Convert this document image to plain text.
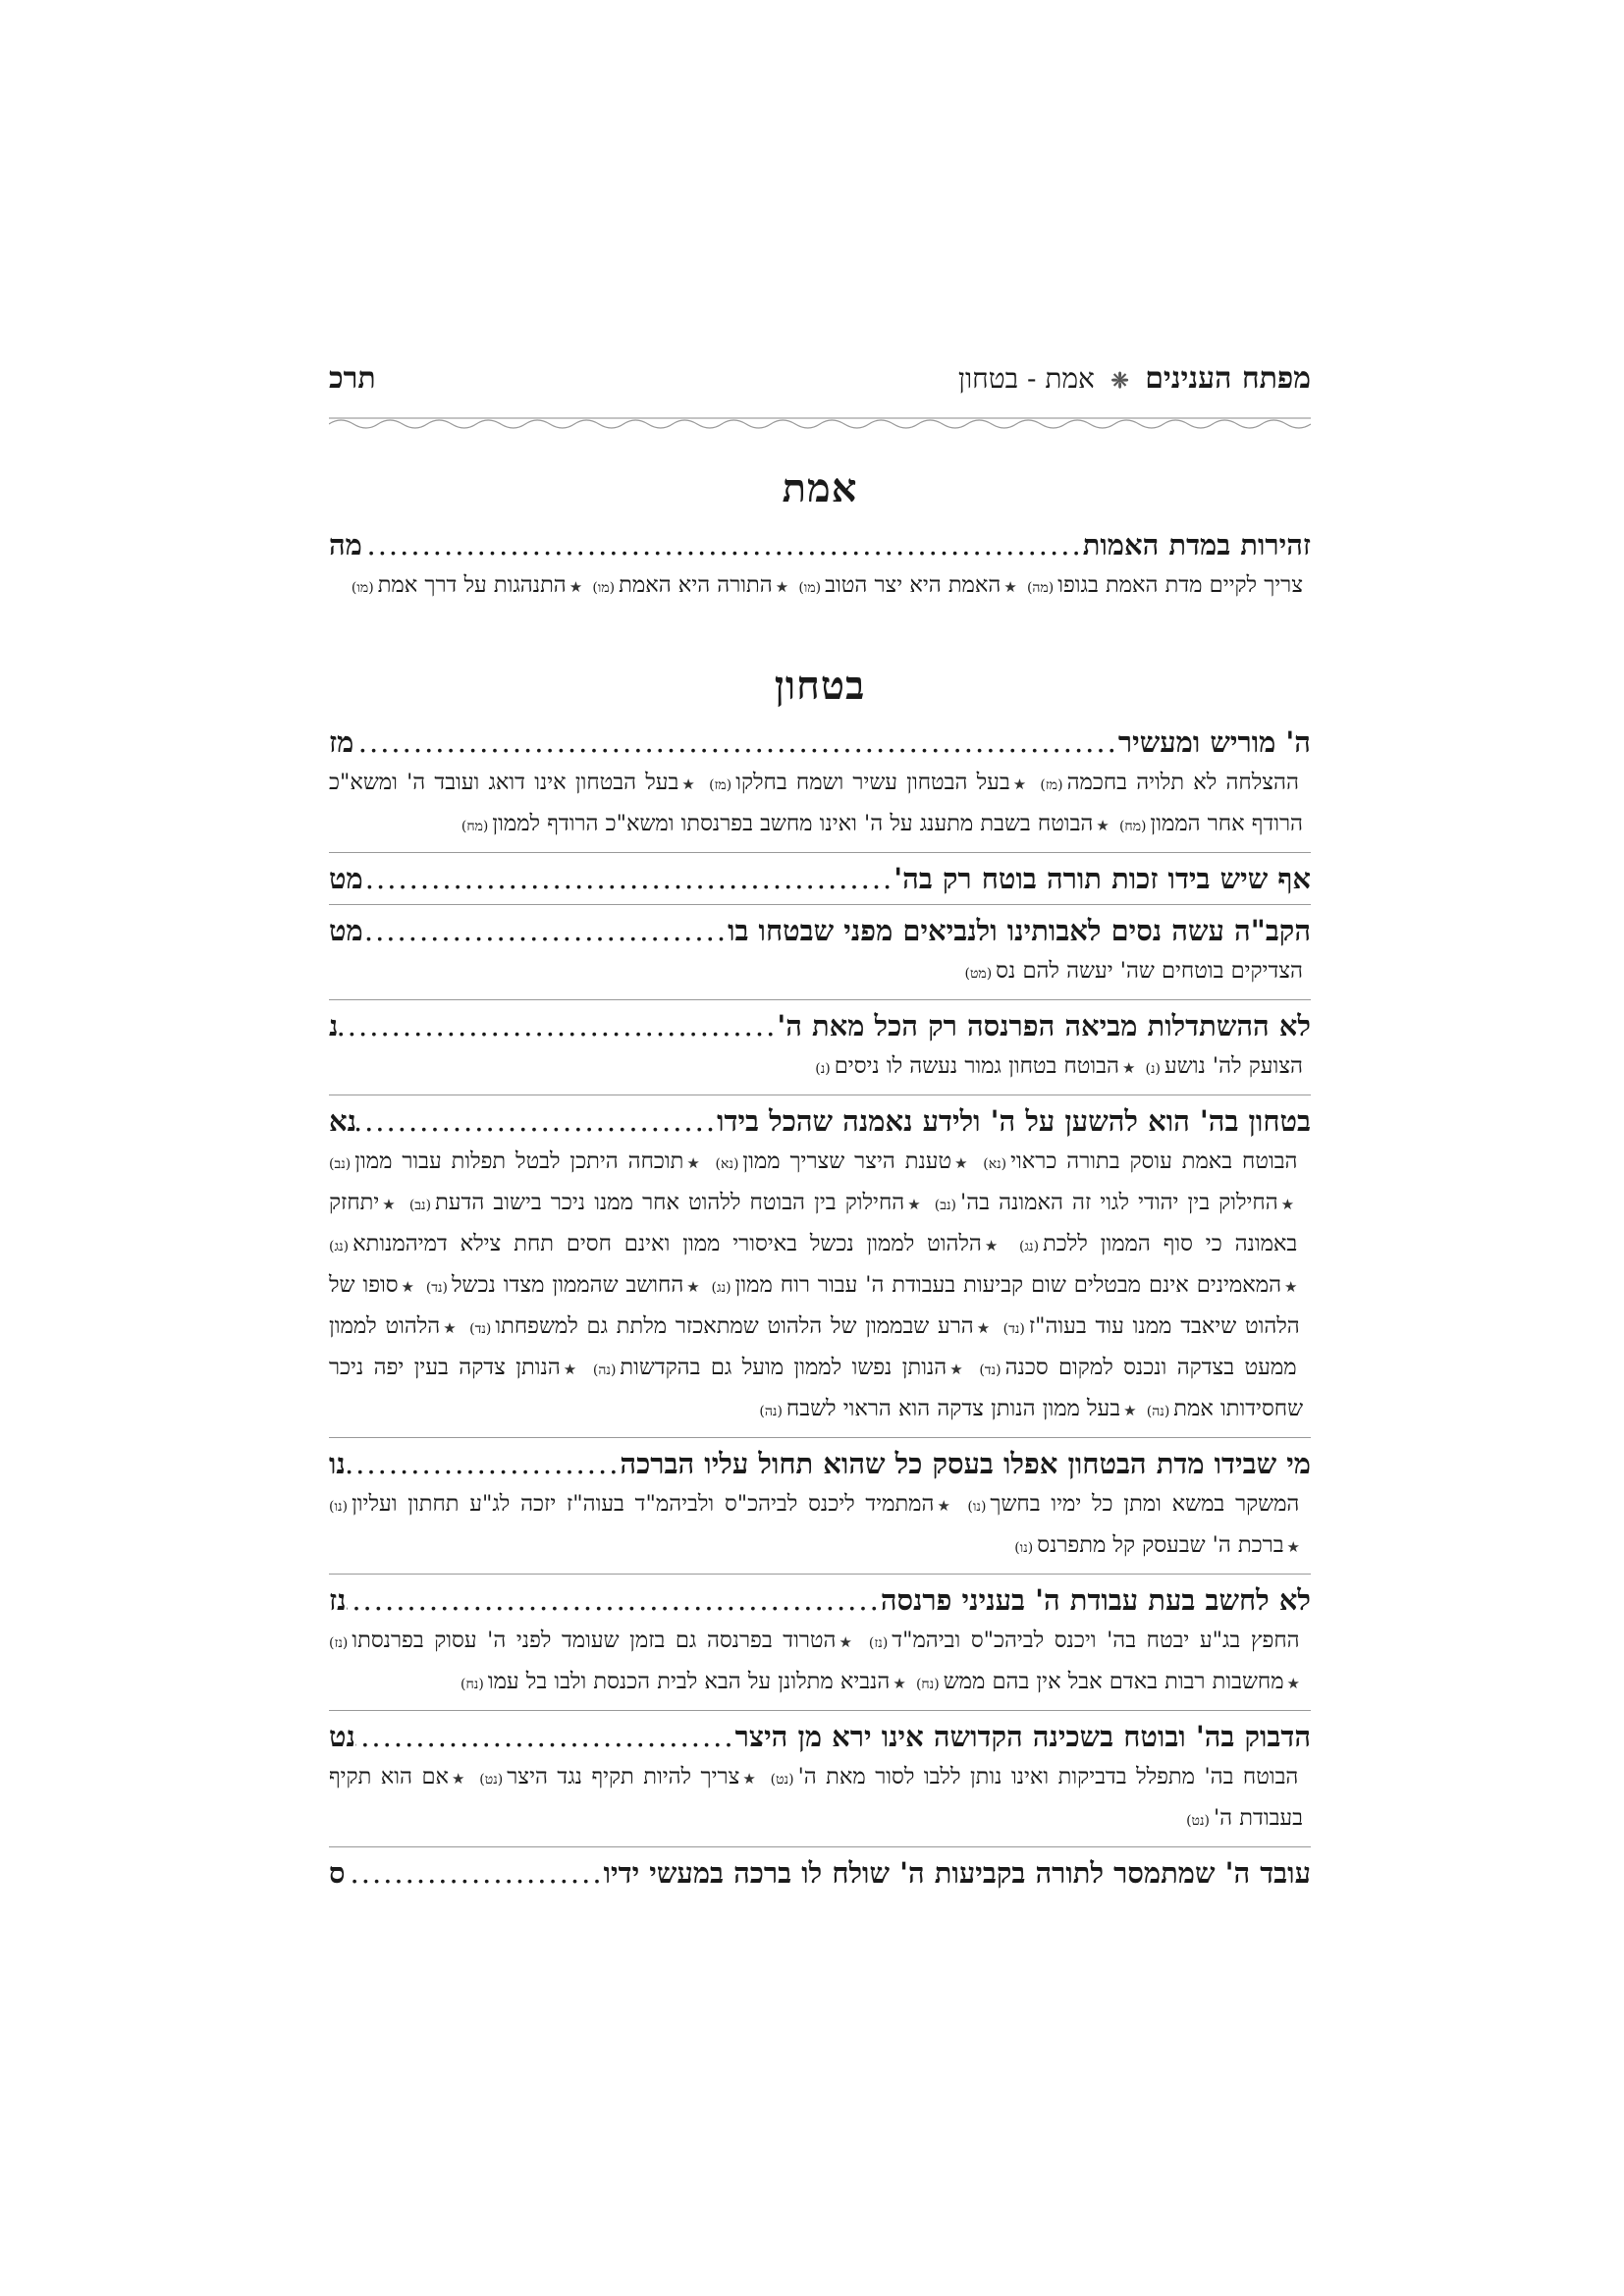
מפתח הענינים ❈ אמת - בטחון
תרכ
אמת
זהירות במדת האמות
.....
מה
צריך לקיים מדת האמת בגופו(מה) ★האמת היא יצר הטוב(מו) ★התורה היא האמת(מו) ★התנהגות על דרך אמת(מו)
בטחון
ה' מוריש ומעשיר
.....
מז
ההצלחה לא תלויה בחכמה(מז) ★בעל הבטחון עשיר ושמח בחלקו(מז) ★בעל הבטחון אינו דואג ועובד ה' ומשא"כ הרודף אחר הממון(מח) ★הבוטח בשבת מתענג על ה' ואינו מחשב בפרנסתו ומשא"כ הרודף לממון(מח)
אף שיש בידו זכות תורה בוטח רק בה'
.....
מט
הקב"ה עשה נסים לאבותינו ולנביאים מפני שבטחו בו
.....
מט
הצדיקים בוטחים שה' יעשה להם נס(מט)
לא ההשתדלות מביאה הפרנסה רק הכל מאת ה'
.....
נ
הצועק לה' נושע(נ) ★הבוטח בטחון גמור נעשה לו ניסים(נ)
בטחון בה' הוא להשען על ה' ולידע נאמנה שהכל בידו
.....
נא
הבוטח באמת עוסק בתורה כראוי(נא) ★טענת היצר שצריך ממון(נא) ★תוכחה היתכן לבטל תפלות עבור ממון(נב) ★החילוק בין יהודי לגוי זה האמונה בה'(נב) ★החילוק בין הבוטח ללהוט אחר ממנו ניכר בישוב הדעת(נב) ★יתחזק באמונה כי סוף הממון ללכת(נג) ★הלהוט לממון נכשל באיסורי ממון ואינם חסים תחת צילא דמיהמנותא(נג) ★המאמינים אינם מבטלים שום קביעות בעבודת ה' עבור רוח ממון(נג) ★החושב שהממון מצדו נכשל(נד) ★סופו של הלהוט שיאבד ממנו עוד בעוה"ז(נד) ★הרע שבממון של הלהוט שמתאכזר מלתת גם למשפחתו(נד) ★הלהוט לממון ממעט בצדקה ונכנס למקום סכנה(נד) ★הנותן נפשו לממון מועל גם בהקדשות(נה) ★הנותן צדקה בעין יפה ניכר שחסידותו אמת(נה) ★בעל ממון הנותן צדקה הוא הראוי לשבח(נה)
מי שבידו מדת הבטחון אפלו בעסק כל שהוא תחול עליו הברכה
.....
נו
המשקר במשא ומתן כל ימיו בחשך(נו) ★המתמיד ליכנס לביהכ"ס ולביהמ"ד בעוה"ז יזכה לג"ע תחתון ועליון(נו) ★ברכת ה' שבעסק קל מתפרנס(נו)
לא לחשב בעת עבודת ה' בעניני פרנסה
.....
נז
החפץ בג"ע יבטח בה' ויכנס לביהכ"ס וביהמ"ד(נז) ★הטרוד בפרנסה גם בזמן שעומד לפני ה' עסוק בפרנסתו(נז) ★מחשבות רבות באדם אבל אין בהם ממש(נח) ★הנביא מתלונן על הבא לבית הכנסת ולבו בל עמו(נח)
הדבוק בה' ובוטח בשכינה הקדושה אינו ירא מן היצר
.....
נט
הבוטח בה' מתפלל בדביקות ואינו נותן ללבו לסור מאת ה'(נט) ★צריך להיות תקיף נגד היצר(נט) ★אם הוא תקיף בעבודת ה'(נט)
עובד ה' שמתמסר לתורה בקביעות ה' שולח לו ברכה במעשי ידיו
.....
ס
